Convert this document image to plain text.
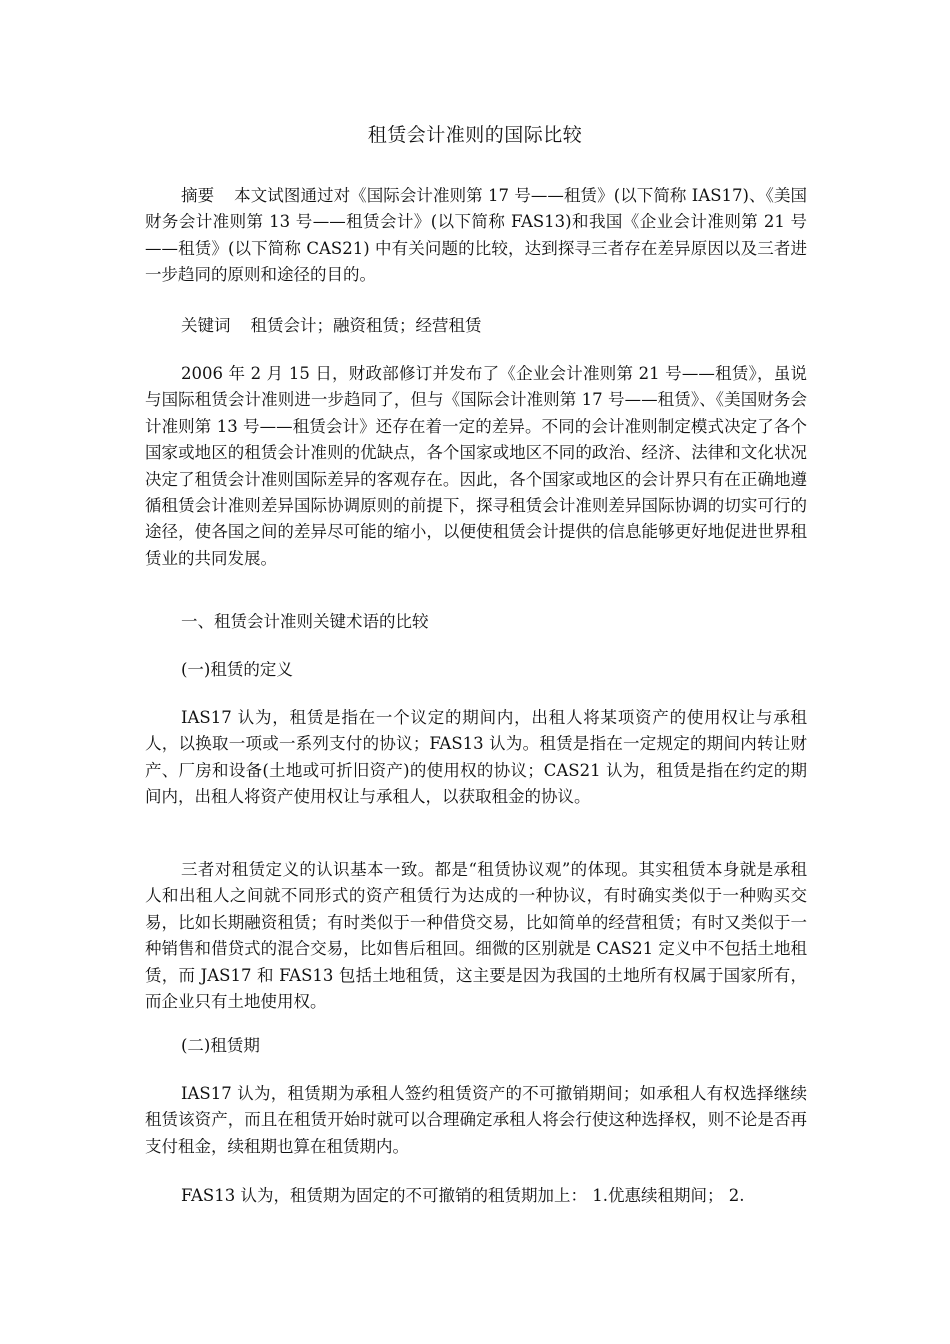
租赁会计准则的国际比较

摘要 本文试图通过对《国际会计准则第 17 号——租赁》(以下简称 IAS17)、《美国财务会计准则第 13 号——租赁会计》(以下简称 FAS13)和我国《企业会计准则第 21 号——租赁》(以下简称 CAS21) 中有关问题的比较，达到探寻三者存在差异原因以及三者进一步趋同的原则和途径的目的。

关键词 租赁会计；融资租赁；经营租赁

2006 年 2 月 15 日，财政部修订并发布了《企业会计准则第 21 号——租赁》，虽说与国际租赁会计准则进一步趋同了，但与《国际会计准则第 17 号——租赁》、《美国财务会计准则第 13 号——租赁会计》还存在着一定的差异。不同的会计准则制定模式决定了各个国家或地区的租赁会计准则的优缺点，各个国家或地区不同的政治、经济、法律和文化状况决定了租赁会计准则国际差异的客观存在。因此，各个国家或地区的会计界只有在正确地遵循租赁会计准则差异国际协调原则的前提下，探寻租赁会计准则差异国际协调的切实可行的途径，使各国之间的差异尽可能的缩小，以便使租赁会计提供的信息能够更好地促进世界租赁业的共同发展。

一、租赁会计准则关键术语的比较

(一)租赁的定义

IAS17 认为，租赁是指在一个议定的期间内，出租人将某项资产的使用权让与承租人，以换取一项或一系列支付的协议；FAS13 认为。租赁是指在一定规定的期间内转让财产、厂房和设备(土地或可折旧资产)的使用权的协议；CAS21 认为，租赁是指在约定的期间内，出租人将资产使用权让与承租人，以获取租金的协议。

三者对租赁定义的认识基本一致。都是“租赁协议观”的体现。其实租赁本身就是承租人和出租人之间就不同形式的资产租赁行为达成的一种协议，有时确实类似于一种购买交易，比如长期融资租赁；有时类似于一种借贷交易，比如简单的经营租赁；有时又类似于一种销售和借贷式的混合交易，比如售后租回。细微的区别就是 CAS21 定义中不包括土地租赁，而 JAS17 和 FAS13 包括土地租赁，这主要是因为我国的土地所有权属于国家所有，而企业只有土地使用权。

(二)租赁期

IAS17 认为，租赁期为承租人签约租赁资产的不可撤销期间；如承租人有权选择继续租赁该资产，而且在租赁开始时就可以合理确定承租人将会行使这种选择权，则不论是否再支付租金，续租期也算在租赁期内。

FAS13 认为，租赁期为固定的不可撤销的租赁期加上： 1.优惠续租期间； 2.
